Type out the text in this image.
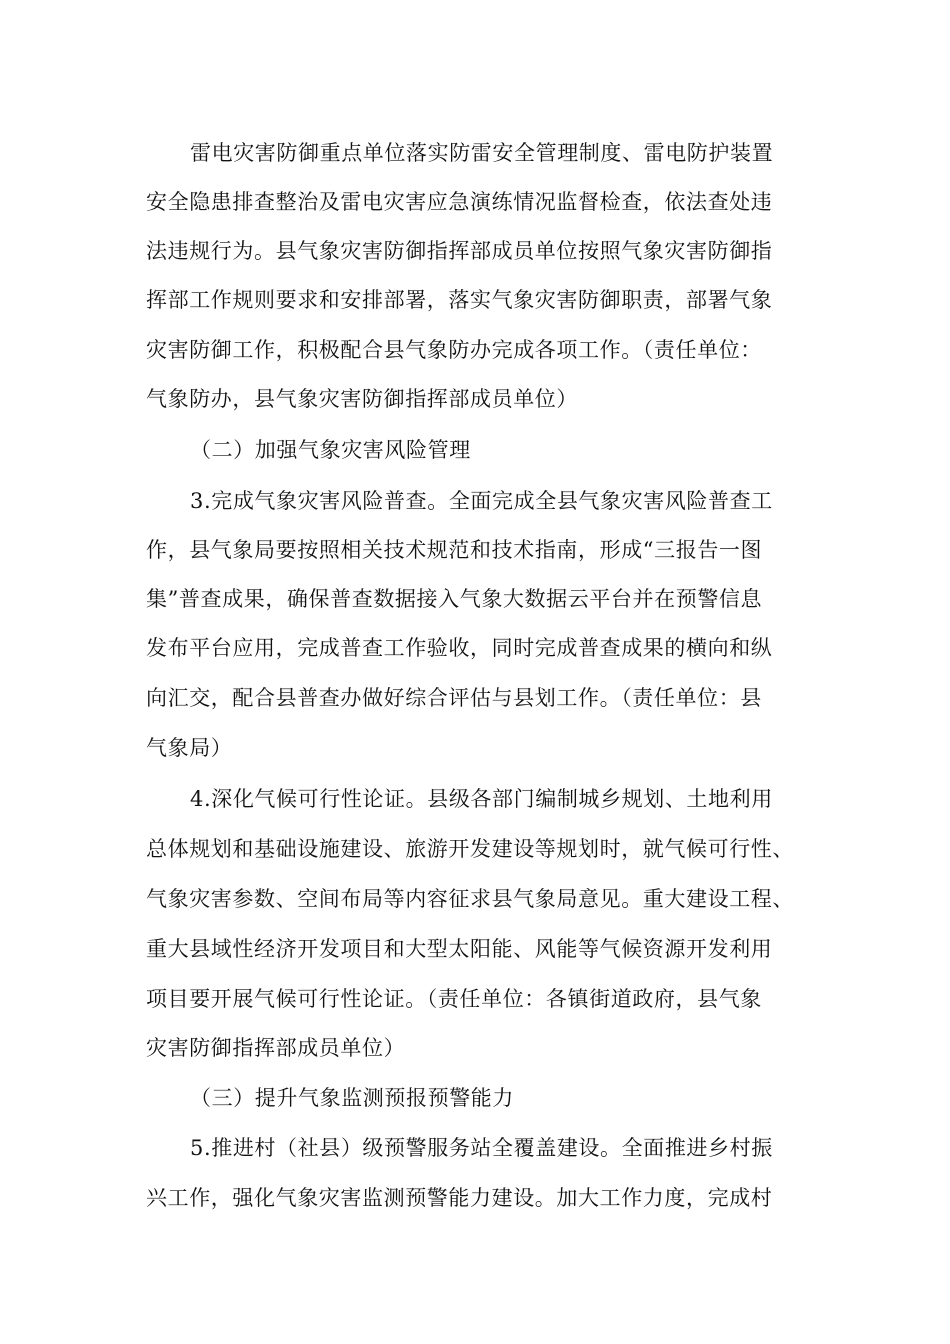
雷电灾害防御重点单位落实防雷安全管理制度、雷电防护装置
安全隐患排查整治及雷电灾害应急演练情况监督检查，依法查处违
法违规行为。县气象灾害防御指挥部成员单位按照气象灾害防御指
挥部工作规则要求和安排部署，落实气象灾害防御职责，部署气象
灾害防御工作，积极配合县气象防办完成各项工作。（责任单位：
气象防办，县气象灾害防御指挥部成员单位）
（二）加强气象灾害风险管理
3.完成气象灾害风险普查。全面完成全县气象灾害风险普查工
作，县气象局要按照相关技术规范和技术指南，形成“三报告一图
集”普查成果，确保普查数据接入气象大数据云平台并在预警信息
发布平台应用，完成普查工作验收，同时完成普查成果的横向和纵
向汇交，配合县普查办做好综合评估与县划工作。（责任单位：县
气象局）
4.深化气候可行性论证。县级各部门编制城乡规划、土地利用
总体规划和基础设施建设、旅游开发建设等规划时，就气候可行性、
气象灾害参数、空间布局等内容征求县气象局意见。重大建设工程、
重大县域性经济开发项目和大型太阳能、风能等气候资源开发利用
项目要开展气候可行性论证。（责任单位：各镇街道政府，县气象
灾害防御指挥部成员单位）
（三）提升气象监测预报预警能力
5.推进村（社县）级预警服务站全覆盖建设。全面推进乡村振
兴工作，强化气象灾害监测预警能力建设。加大工作力度，完成村
